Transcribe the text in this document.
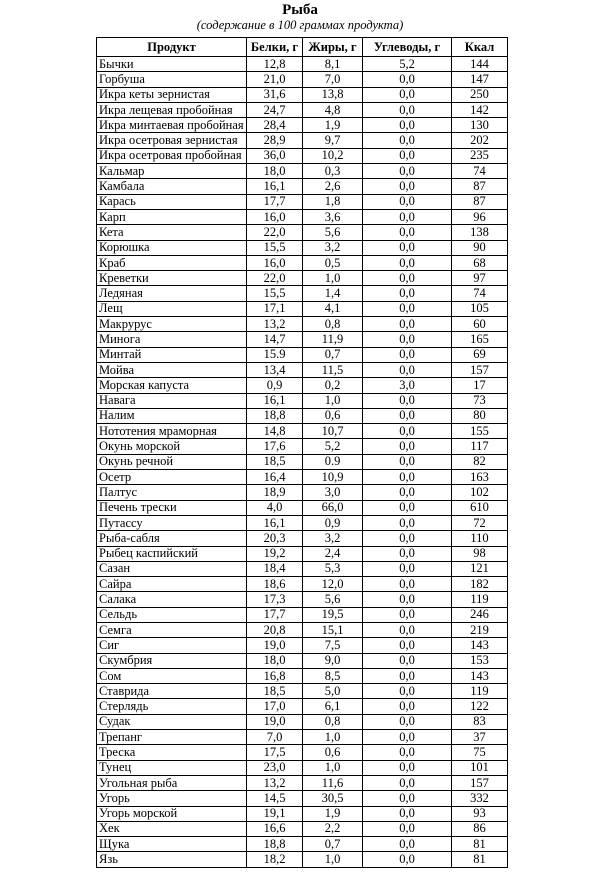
Рыба
(содержание в 100 граммах продукта)
Продукт	Белки, г	Жиры, г	Углеводы, г	Ккал
Бычки	12,8	8,1	5,2	144
Горбуша	21,0	7,0	0,0	147
Икра кеты зернистая	31,6	13,8	0,0	250
Икра лещевая пробойная	24,7	4,8	0,0	142
Икра минтаевая пробойная	28,4	1,9	0,0	130
Икра осетровая зернистая	28,9	9,7	0,0	202
Икра осетровая пробойная	36,0	10,2	0,0	235
Кальмар	18,0	0,3	0,0	74
Камбала	16,1	2,6	0,0	87
Карась	17,7	1,8	0,0	87
Карп	16,0	3,6	0,0	96
Кета	22,0	5,6	0,0	138
Корюшка	15,5	3,2	0,0	90
Краб	16,0	0,5	0,0	68
Креветки	22,0	1,0	0,0	97
Ледяная	15,5	1,4	0,0	74
Лещ	17,1	4,1	0,0	105
Макрурус	13,2	0,8	0,0	60
Минога	14,7	11,9	0,0	165
Минтай	15.9	0,7	0,0	69
Мойва	13,4	11,5	0,0	157
Морская капуста	0,9	0,2	3,0	17
Навага	16,1	1,0	0,0	73
Налим	18,8	0,6	0,0	80
Нототения мраморная	14,8	10,7	0,0	155
Окунь морской	17,6	5,2	0,0	117
Окунь речной	18,5	0.9	0,0	82
Осетр	16,4	10,9	0,0	163
Палтус	18,9	3,0	0,0	102
Печень трески	4,0	66,0	0,0	610
Путассу	16,1	0,9	0,0	72
Рыба-сабля	20,3	3,2	0,0	110
Рыбец каспийский	19,2	2,4	0,0	98
Сазан	18,4	5,3	0,0	121
Сайра	18,6	12,0	0,0	182
Салака	17,3	5,6	0,0	119
Сельдь	17,7	19,5	0,0	246
Семга	20,8	15,1	0,0	219
Сиг	19,0	7,5	0,0	143
Скумбрия	18,0	9,0	0,0	153
Сом	16,8	8,5	0,0	143
Ставрида	18,5	5,0	0,0	119
Стерлядь	17,0	6,1	0,0	122
Судак	19,0	0,8	0,0	83
Трепанг	7,0	1,0	0,0	37
Треска	17,5	0,6	0,0	75
Тунец	23,0	1,0	0,0	101
Угольная рыба	13,2	11,6	0,0	157
Угорь	14,5	30,5	0,0	332
Угорь морской	19,1	1,9	0,0	93
Хек	16,6	2,2	0,0	86
Щука	18,8	0,7	0,0	81
Язь	18,2	1,0	0,0	81
